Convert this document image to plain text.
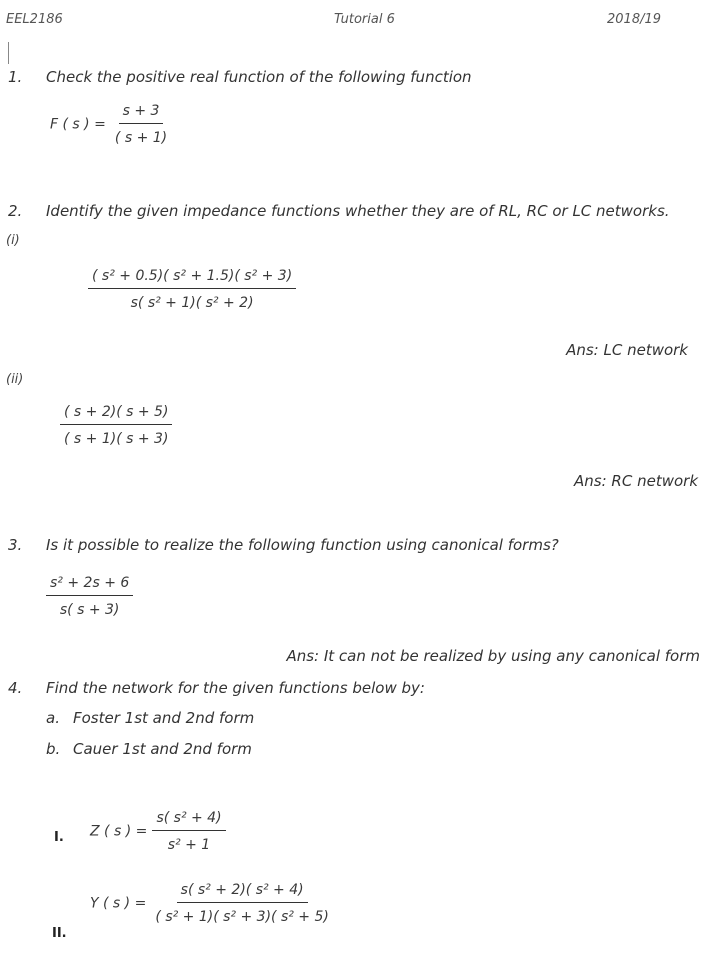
EEL2186	Tutorial 6	2018/19
1. Check the positive real function of the following function
F ( s ) = $\frac{s + 3}{( s + 1)}$
2. Identify the given impedance functions whether they are of RL, RC or LC networks.
(i)
$\frac{\text{( s² + 0.5)( s² + 1.5)( s² + 3)}}{\text{s( s² + 1)( s² + 2)}}$
Ans: LC network
(ii)
$\frac{( s + 2)( s + 5)}{( s + 1)( s + 3)}$
Ans: RC network
3. Is it possible to realize the following function using canonical forms?
$\frac{\text{s² + 2s + 6}}{s( s + 3)}$
Ans: It can not be realized by using any canonical form
4. Find the network for the given functions below by:
a. Foster 1st and 2nd form
b. Cauer 1st and 2nd form
I. Z ( s ) = $\frac{\text{s( s² + 4)}}{\text{s² + 1}}$
II.
Y ( s ) = $\frac{\text{s( s² + 2)( s² + 4)}}{\text{( s² + 1)( s² + 3)( s² + 5)}}$
